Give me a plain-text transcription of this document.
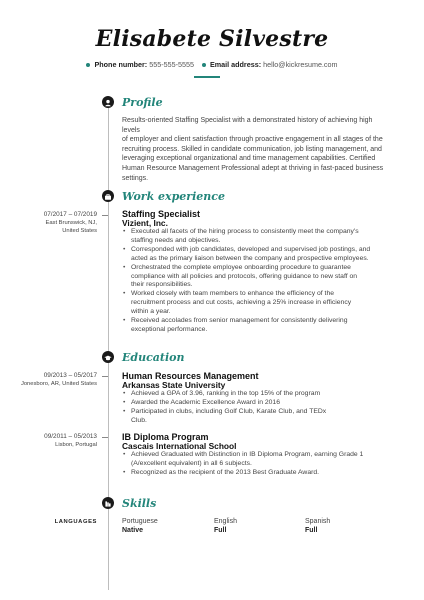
Elisabete Silvestre
Phone number: 555-555-5555 Email address: hello@kickresume.com
Profile
Results-oriented Staffing Specialist with a demonstrated history of achieving high levels
of employer and client satisfaction through proactive engagement in all stages of the
recruiting process. Skilled in candidate communication, job listing management, and
leveraging exceptional organizational and time management capabilities. Certified
Human Resource Management Professional adept at thriving in fast-paced business
settings.
Work experience
07/2017 – 07/2019
East Brunswick, NJ,
United States
Staffing Specialist
Vizient, Inc.
• Executed all facets of the hiring process to consistently meet the company's
staffing needs and objectives.
• Corresponded with job candidates, developed and supervised job postings, and
acted as the primary liaison between the company and prospective employees.
• Orchestrated the complete employee onboarding procedure to guarantee
compliance with all policies and protocols, offering guidance to new staff on
their responsibilities.
• Worked closely with team members to enhance the efficiency of the
recruitment process and cut costs, achieving a 25% increase in efficiency
within a year.
• Received accolades from senior management for consistently delivering
exceptional performance.
Education
09/2013 – 05/2017
Jonesboro, AR, United States
Human Resources Management
Arkansas State University
• Achieved a GPA of 3.96, ranking in the top 15% of the program
• Awarded the Academic Excellence Award in 2016
• Participated in clubs, including Golf Club, Karate Club, and TEDx
Club.
09/2011 – 05/2013
Lisbon, Portugal
IB Diploma Program
Cascais International School
• Achieved Graduated with Distinction in IB Diploma Program, earning Grade 1
(A/excellent equivalent) in all 6 subjects.
• Recognized as the recipient of the 2013 Best Graduate Award.
Skills
LANGUAGES	Portuguese
Native
English
Full
Spanish
Full
